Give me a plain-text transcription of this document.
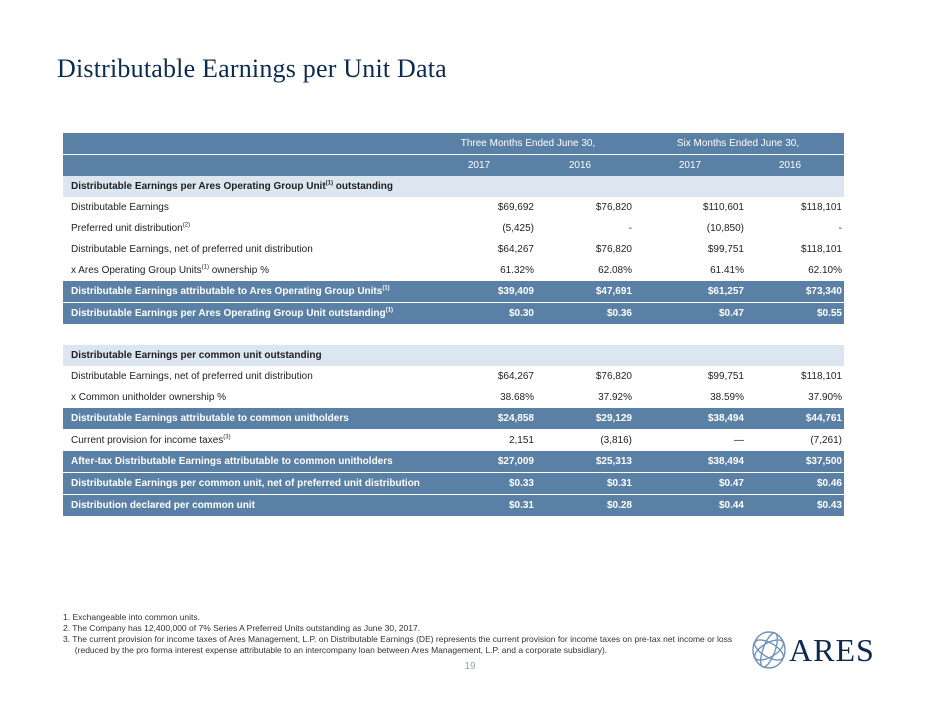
Distributable Earnings per Unit Data
Three Months Ended June 30,	Six Months Ended June 30,
2017	2016	2017	2016
Distributable Earnings per Ares Operating Group Unit$^{(1)}$ outstanding
Distributable Earnings	$69,692	$76,820	$110,601	$118,101
Preferred unit distribution$^{(2)}$	(5,425)	-	(10,850)	-
Distributable Earnings, net of preferred unit distribution	$64,267	$76,820	$99,751	$118,101
x Ares Operating Group Units$^{(1)}$ ownership %	61.32%	62.08%	61.41%	62.10%
Distributable Earnings attributable to Ares Operating Group Units$^{(1)}$	$39,409	$47,691	$61,257	$73,340
Distributable Earnings per Ares Operating Group Unit outstanding$^{(1)}$	$0.30	$0.36	$0.47	$0.55
Distributable Earnings per common unit outstanding
Distributable Earnings, net of preferred unit distribution	$64,267	$76,820	$99,751	$118,101
x Common unitholder ownership %	38.68%	37.92%	38.59%	37.90%
Distributable Earnings attributable to common unitholders	$24,858	$29,129	$38,494	$44,761
Current provision for income taxes$^{(3)}$	2,151	(3,816)	—	(7,261)
After-tax Distributable Earnings attributable to common unitholders	$27,009	$25,313	$38,494	$37,500
Distributable Earnings per common unit, net of preferred unit distribution	$0.33	$0.31	$0.47	$0.46
Distribution declared per common unit	$0.31	$0.28	$0.44	$0.43
1. Exchangeable into common units.
2. The Company has 12,400,000 of 7% Series A Preferred Units outstanding as June 30, 2017.
3. The current provision for income taxes of Ares Management, L.P. on Distributable Earnings (DE) represents the current provision for income taxes on pre-tax net income or loss
(reduced by the pro forma interest expense attributable to an intercompany loan between Ares Management, L.P. and a corporate subsidiary).
19	ARES
